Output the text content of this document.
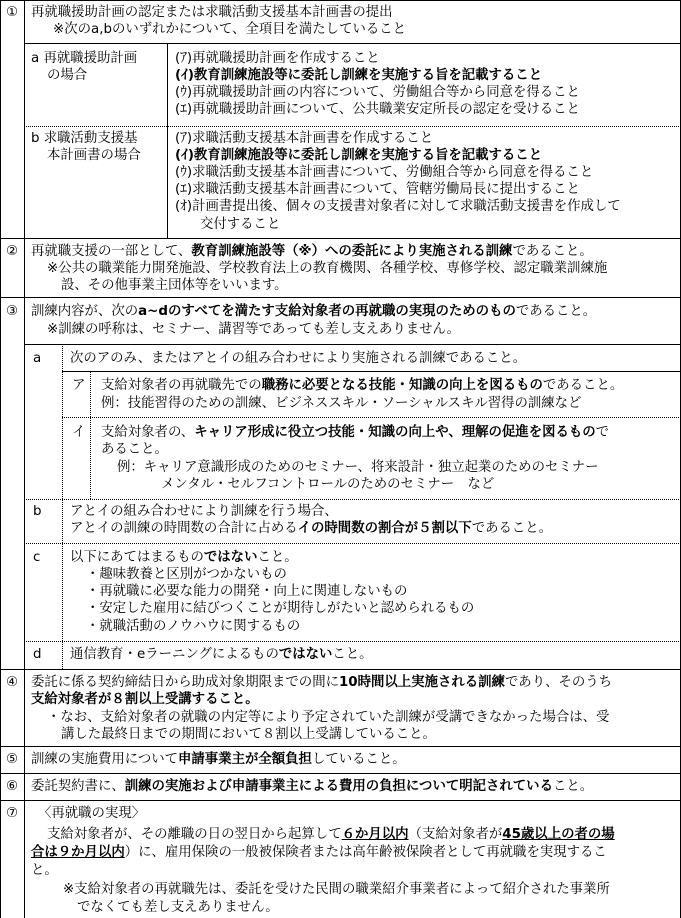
① 再就職援助計画の認定または求職活動支援基本計画書の提出
※次のa,bのいずれかについて、全項目を満たしていること
a 再就職援助計画
の場合
(ｱ)再就職援助計画を作成すること
(ｲ)教育訓練施設等に委託し訓練を実施する旨を記載すること
(ｳ)再就職援助計画の内容について、労働組合等から同意を得ること
(ｴ)再就職援助計画について、公共職業安定所長の認定を受けること
b 求職活動支援基
本計画書の場合
(ｱ)求職活動支援基本計画書を作成すること
(ｲ)教育訓練施設等に委託し訓練を実施する旨を記載すること
(ｳ)求職活動支援基本計画書について、労働組合等から同意を得ること
(ｴ)求職活動支援基本計画書について、管轄労働局長に提出すること
(ｵ)計画書提出後、個々の支援書対象者に対して求職活動支援書を作成して
交付すること
② 再就職支援の一部として、教育訓練施設等（※）への委託により実施される訓練であること。
※公共の職業能力開発施設、学校教育法上の教育機関、各種学校、専修学校、認定職業訓練施
設、その他事業主団体等をいいます。
③ 訓練内容が、次のa~dのすべてを満たす支給対象者の再就職の実現のためのものであること。
※訓練の呼称は、セミナー、講習等であっても差し支えありません。
a 次のアのみ、またはアとイの組み合わせにより実施される訓練であること。
ア 支給対象者の再就職先での職務に必要となる技能・知識の向上を図るものであること。
例：技能習得のための訓練、ビジネススキル・ソーシャルスキル習得の訓練など
イ 支給対象者の、キャリア形成に役立つ技能・知識の向上や、理解の促進を図るもので
あること。
例：キャリア意識形成のためのセミナー、将来設計・独立起業のためのセミナー
メンタル・セルフコントロールのためのセミナー　など
b アとイの組み合わせにより訓練を行う場合、
アとイの訓練の時間数の合計に占めるイの時間数の割合が５割以下であること。
c 以下にあてはまるものではないこと。
・趣味教養と区別がつかないもの
・再就職に必要な能力の開発・向上に関連しないもの
・安定した雇用に結びつくことが期待しがたいと認められるもの
・就職活動のノウハウに関するもの
d 通信教育・eラーニングによるものではないこと。
④ 委託に係る契約締結日から助成対象期限までの間に10時間以上実施される訓練であり、そのうち
支給対象者が８割以上受講すること。
・なお、支給対象者の就職の内定等により予定されていた訓練が受講できなかった場合は、受
講した最終日までの期間において８割以上受講していること。
⑤ 訓練の実施費用について申請事業主が全額負担していること。
⑥ 委託契約書に、訓練の実施および申請事業主による費用の負担について明記されていること。
⑦	〈再就職の実現〉
支給対象者が、その離職の日の翌日から起算して６か月以内（支給対象者が45歳以上の者の場
合は９か月以内）に、雇用保険の一般被保険者または高年齢被保険者として再就職を実現するこ
と。
※支給対象者の再就職先は、委託を受けた民間の職業紹介事業者によって紹介された事業所
でなくても差し支えありません。
